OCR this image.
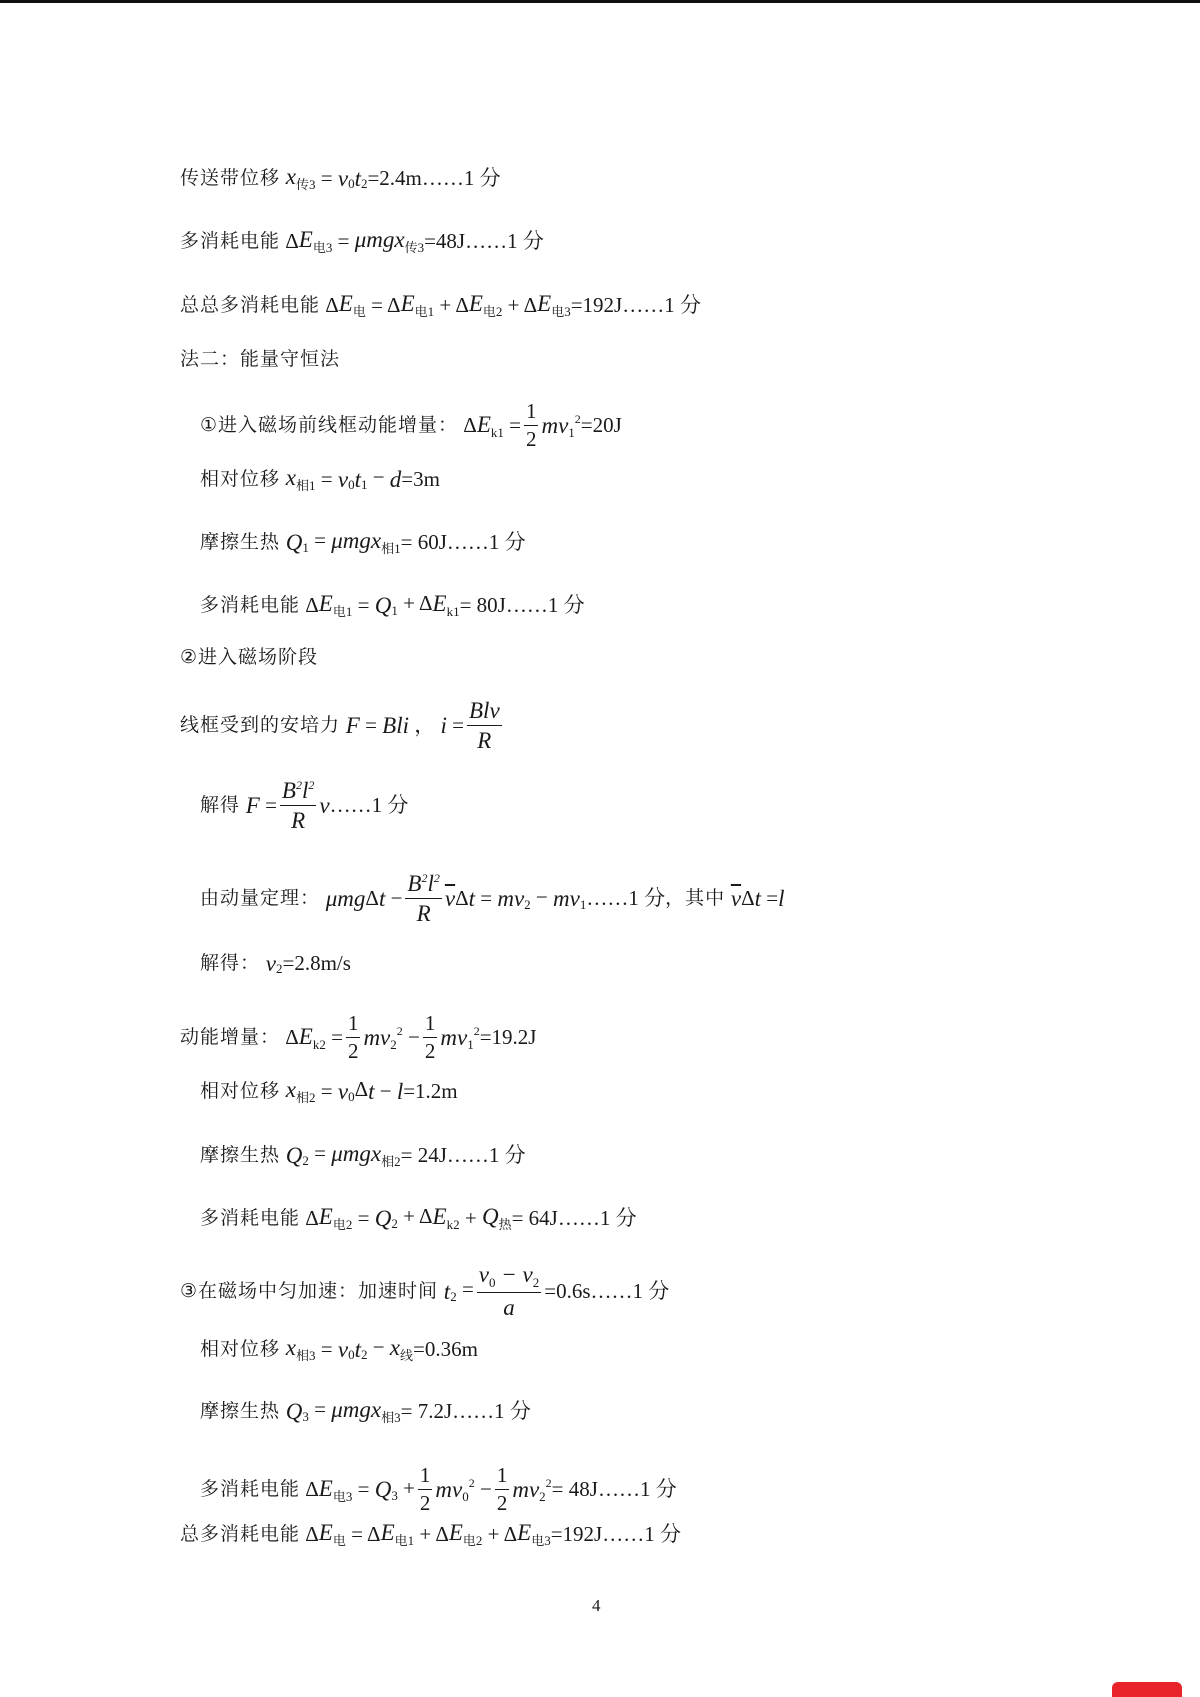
传送带位移 $x_{传3} = v$ $_0$ t $_2$ =2.4m ……1 分
多消耗电能 Δ $E_{电3} = \mu mgx_{传3} =48J$ ……1 分
总总多消耗电能 Δ $E_电 = \Delta$ $E_{电1} + \Delta$ $E_{电2} + \Delta$ $E_{电3} =192J$ ……1 分
法二：能量守恒法
①进入磁场前线框动能增量： Δ $E_{k1} = \frac{1}{2}$ mv $_1^2$ =20J
相对位移 $x_{相1} = v$ $_0$ t $_1$ − d =3m
摩擦生热 Q $_1$ = μmgx$_{相1}$ = 60J ……1 分
多消耗电能 Δ $E_{电1} = Q$ $_1$ + Δ $E_{k1} = 80J$ ……1 分
②进入磁场阶段
线框受到的安培力 F = Bli ， $i = \frac{\text{Blv}}{R}$
解得 $F = \frac{B^2l^2}{R}$ v ……1 分
由动量定理： μmg Δ $t - \frac{B^2l^2}{R} \overline{v}$ Δ t = mv $_2$ − mv $_1$ ……1 分 ，其中 $\overline{v}$ Δ t = l
解得： v $_2$ =2.8m/s
动能增量： Δ $E_{k2} = \frac{1}{2}$ mv $_2^2 - \frac{1}{2}$ mv $_1^2$ =19.2J
相对位移 $x_{相2} = v$ $_0$Δ t − l =1.2m
摩擦生热 Q $_2$ = μmgx$_{相2}$ = 24J ……1 分
多消耗电能 Δ $E_{电2} = Q$ $_2$ + Δ $E_{k2} + Q_热 = 64J$ ……1 分
③在磁场中匀加速：加速时间 t $_2 = \frac{v_0 - v_2}{a} =0.6s$ ……1 分
相对位移 $x_{相3} = v$ $_0$ t $_2 - x_线 =0.36m$
摩擦生热 Q $_3$ = μmgx$_{相3}$ = 7.2J ……1 分
多消耗电能 Δ $E_{电3} = Q$ $_3 + \frac{1}{2}$ mv $_0^2 - \frac{1}{2}$ mv $_2^2$ = 48J ……1 分
总多消耗电能 Δ $E_电 = \Delta$ $E_{电1} + \Delta$ $E_{电2} + \Delta$ $E_{电3} =192J$ ……1 分
4
